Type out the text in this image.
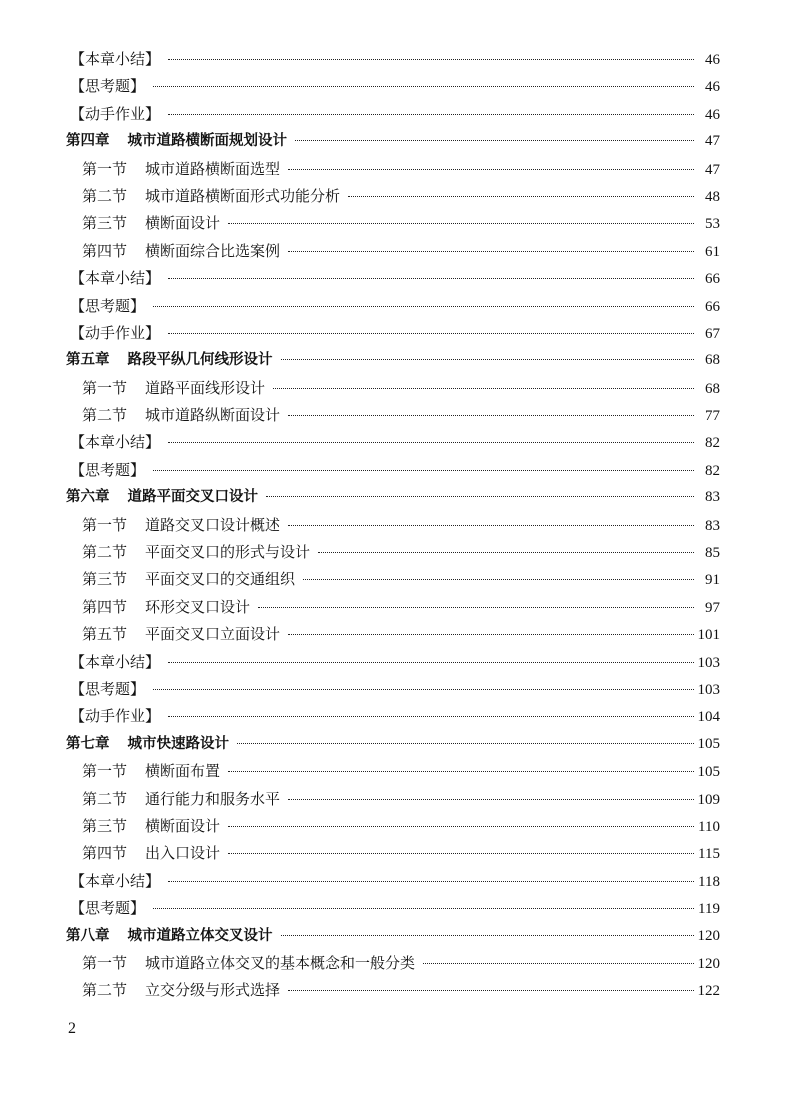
【本章小结】	46
【思考题】	46
【动手作业】	46
第四章 城市道路横断面规划设计	47
第一节 城市道路横断面选型	47
第二节 城市道路横断面形式功能分析	48
第三节 横断面设计	53
第四节 横断面综合比选案例	61
【本章小结】	66
【思考题】	66
【动手作业】	67
第五章 路段平纵几何线形设计	68
第一节 道路平面线形设计	68
第二节 城市道路纵断面设计	77
【本章小结】	82
【思考题】	82
第六章 道路平面交叉口设计	83
第一节 道路交叉口设计概述	83
第二节 平面交叉口的形式与设计	85
第三节 平面交叉口的交通组织	91
第四节 环形交叉口设计	97
第五节 平面交叉口立面设计	101
【本章小结】	103
【思考题】	103
【动手作业】	104
第七章 城市快速路设计	105
第一节 横断面布置	105
第二节 通行能力和服务水平	109
第三节 横断面设计	110
第四节 出入口设计	115
【本章小结】	118
【思考题】	119
第八章 城市道路立体交叉设计	120
第一节 城市道路立体交叉的基本概念和一般分类	120
第二节 立交分级与形式选择	122
2
